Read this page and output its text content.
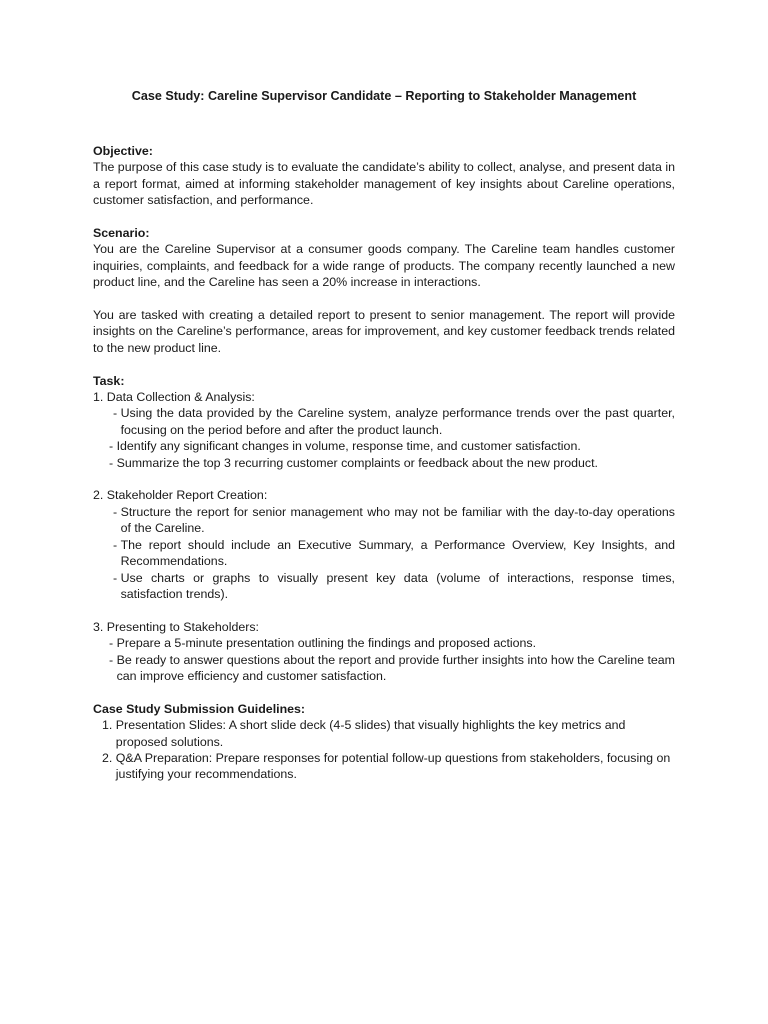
Case Study: Careline Supervisor Candidate – Reporting to Stakeholder Management

Objective:

The purpose of this case study is to evaluate the candidate’s ability to collect, analyse, and present data in a report format, aimed at informing stakeholder management of key insights about Careline operations, customer satisfaction, and performance.

Scenario:

You are the Careline Supervisor at a consumer goods company. The Careline team handles customer inquiries, complaints, and feedback for a wide range of products. The company recently launched a new product line, and the Careline has seen a 20% increase in interactions.

You are tasked with creating a detailed report to present to senior management. The report will provide insights on the Careline’s performance, areas for improvement, and key customer feedback trends related to the new product line.

Task:

1. Data Collection & Analysis:

- Using the data provided by the Careline system, analyze performance trends over the past quarter, focusing on the period before and after the product launch.
- Identify any significant changes in volume, response time, and customer satisfaction.
- Summarize the top 3 recurring customer complaints or feedback about the new product.

2. Stakeholder Report Creation:

- Structure the report for senior management who may not be familiar with the day-to-day operations of the Careline.
- The report should include an Executive Summary, a Performance Overview, Key Insights, and Recommendations.
- Use charts or graphs to visually present key data (volume of interactions, response times, satisfaction trends).

3. Presenting to Stakeholders:

- Prepare a 5-minute presentation outlining the findings and proposed actions.
- Be ready to answer questions about the report and provide further insights into how the Careline team can improve efficiency and customer satisfaction.

Case Study Submission Guidelines:

1. Presentation Slides: A short slide deck (4-5 slides) that visually highlights the key metrics and proposed solutions.
2. Q&A Preparation: Prepare responses for potential follow-up questions from stakeholders, focusing on justifying your recommendations.
